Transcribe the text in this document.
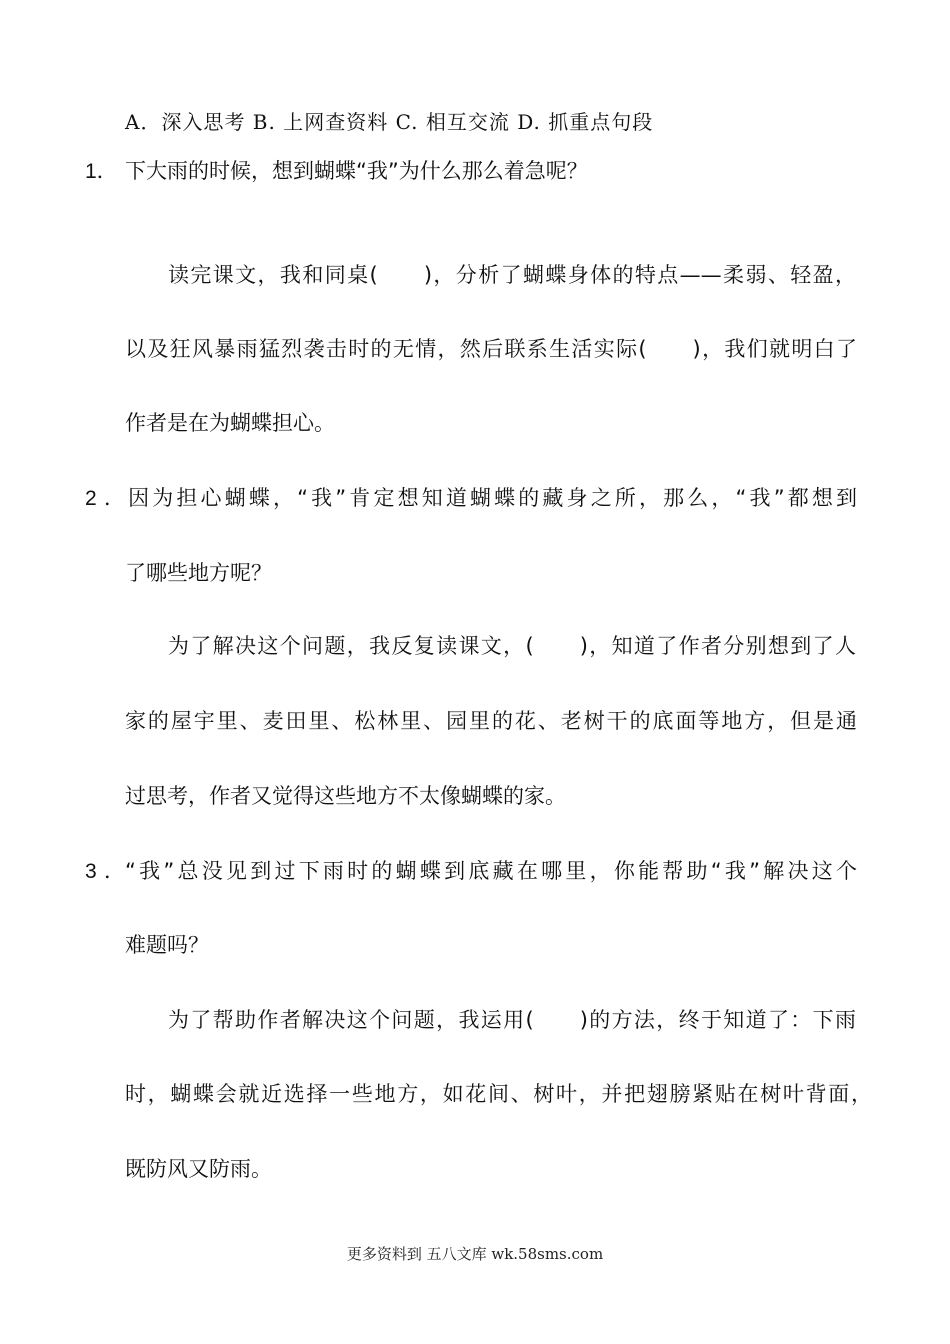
A．深入思考 B. 上网查资料 C. 相互交流 D. 抓重点句段
1． 下大雨的时候，想到蝴蝶“我”为什么那么着急呢？
读完课文，我和同桌(　　)，分析了蝴蝶身体的特点——柔弱、轻盈，
以及狂风暴雨猛烈袭击时的无情，然后联系生活实际(　　)，我们就明白了
作者是在为蝴蝶担心。
2．因为担心蝴蝶，“我”肯定想知道蝴蝶的藏身之所，那么，“我”都想到
了哪些地方呢？
为了解决这个问题，我反复读课文，(　　)，知道了作者分别想到了人
家的屋宇里、麦田里、松林里、园里的花、老树干的底面等地方，但是通
过思考，作者又觉得这些地方不太像蝴蝶的家。
3．“我”总没见到过下雨时的蝴蝶到底藏在哪里，你能帮助“我”解决这个
难题吗？
为了帮助作者解决这个问题，我运用(　　)的方法，终于知道了：下雨
时，蝴蝶会就近选择一些地方，如花间、树叶，并把翅膀紧贴在树叶背面，
既防风又防雨。
更多资料到 五八文库 wk.58sms.com
